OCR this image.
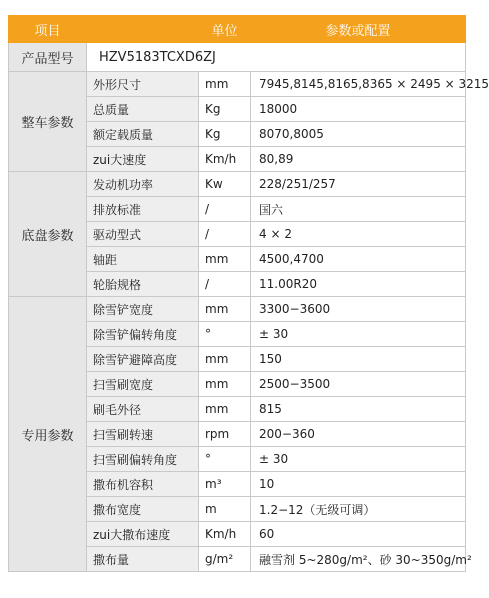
项目		单位	参数或配置
产品型号	HZV5183TCXD6ZJ		
整车参数	外形尺寸	mm	7945,8145,8165,8365 × 2495 × 3215
	总质量	Kg	18000
	额定载质量	Kg	8070,8005
	zui大速度	Km/h	80,89
底盘参数	发动机功率	Kw	228/251/257
	排放标准	/	国六
	驱动型式	/	4 × 2
	轴距	mm	4500,4700
	轮胎规格	/	11.00R20
专用参数	除雪铲宽度	mm	3300−3600
	除雪铲偏转角度	°	± 30
	除雪铲避障高度	mm	150
	扫雪刷宽度	mm	2500−3500
	刷毛外径	mm	815
	扫雪刷转速	rpm	200−360
	扫雪刷偏转角度	°	± 30
	撒布机容积	m³	10
	撒布宽度	m	1.2−12（无级可调）
	zui大撒布速度	Km/h	60
	撒布量	g/m²	融雪剂 5~280g/m²、砂 30~350g/m²
